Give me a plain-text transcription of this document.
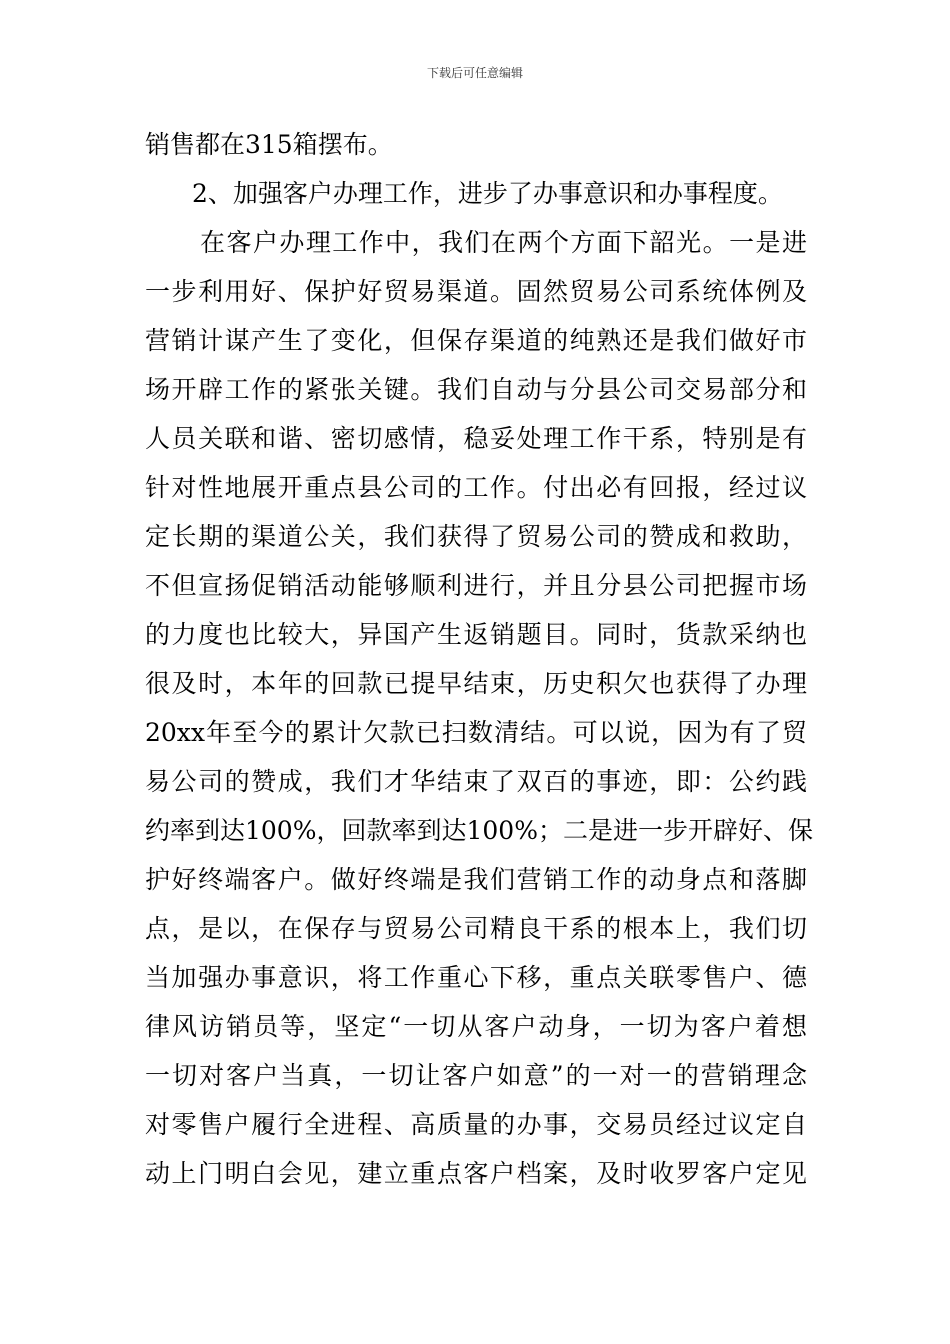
下载后可任意编辑
销售都在315箱摆布。
2、加强客户办理工作，进步了办事意识和办事程度。
在客户办理工作中，我们在两个方面下韶光。一是进
一步利用好、保护好贸易渠道。固然贸易公司系统体例及
营销计谋产生了变化，但保存渠道的纯熟还是我们做好市
场开辟工作的紧张关键。我们自动与分县公司交易部分和
人员关联和谐、密切感情，稳妥处理工作干系，特别是有
针对性地展开重点县公司的工作。付出必有回报，经过议
定长期的渠道公关，我们获得了贸易公司的赞成和救助，
不但宣扬促销活动能够顺利进行，并且分县公司把握市场
的力度也比较大，异国产生返销题目。同时，货款采纳也
很及时，本年的回款已提早结束，历史积欠也获得了办理
20xx年至今的累计欠款已扫数清结。可以说，因为有了贸
易公司的赞成，我们才华结束了双百的事迹，即：公约践
约率到达100%，回款率到达100%；二是进一步开辟好、保
护好终端客户。做好终端是我们营销工作的动身点和落脚
点，是以，在保存与贸易公司精良干系的根本上，我们切
当加强办事意识，将工作重心下移，重点关联零售户、德
律风访销员等，坚定“一切从客户动身，一切为客户着想
一切对客户当真，一切让客户如意”的一对一的营销理念
对零售户履行全进程、高质量的办事，交易员经过议定自
动上门明白会见，建立重点客户档案，及时收罗客户定见
